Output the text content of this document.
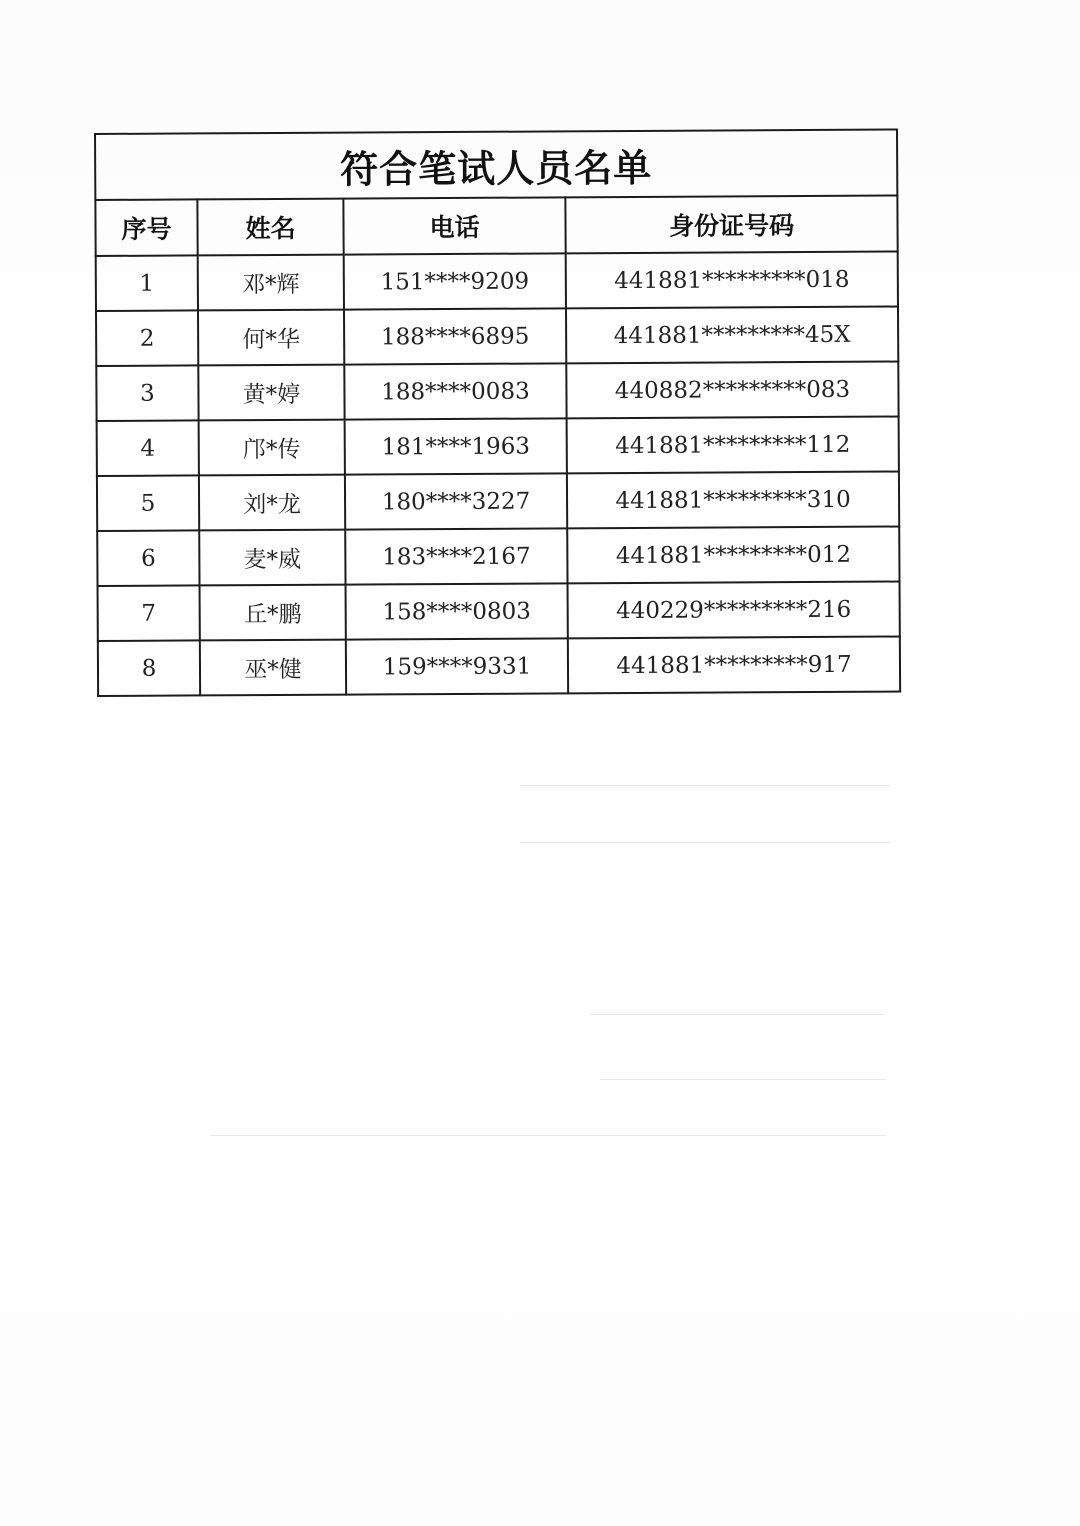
符合笔试人员名单			
序号	姓名	电话	身份证号码
1	邓*辉	151****9209	441881*********018
2	何*华	188****6895	441881*********45X
3	黄*婷	188****0083	440882*********083
4	邝*传	181****1963	441881*********112
5	刘*龙	180****3227	441881*********310
6	麦*威	183****2167	441881*********012
7	丘*鹏	158****0803	440229*********216
8	巫*健	159****9331	441881*********917
